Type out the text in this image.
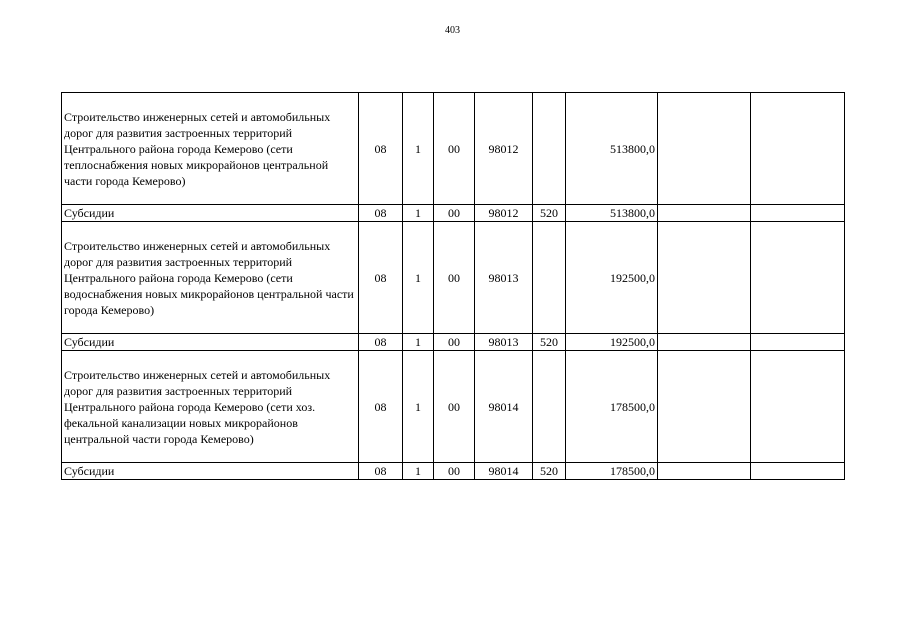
403
Строительство инженерных сетей и автомобильных дорог для развития застроенных территорий Центрального района города Кемерово (сети теплоснабжения новых микрорайонов центральной части города Кемерово)	08	1	00	98012		513800,0		
Субсидии	08	1	00	98012	520	513800,0		
Строительство инженерных сетей и автомобильных дорог для развития застроенных территорий Центрального района города Кемерово (сети водоснабжения новых микрорайонов центральной части города Кемерово)	08	1	00	98013		192500,0		
Субсидии	08	1	00	98013	520	192500,0		
Строительство инженерных сетей и автомобильных дорог для развития застроенных территорий Центрального района города Кемерово (сети хоз. фекальной канализации новых микрорайонов центральной части города Кемерово)	08	1	00	98014		178500,0		
Субсидии	08	1	00	98014	520	178500,0		
